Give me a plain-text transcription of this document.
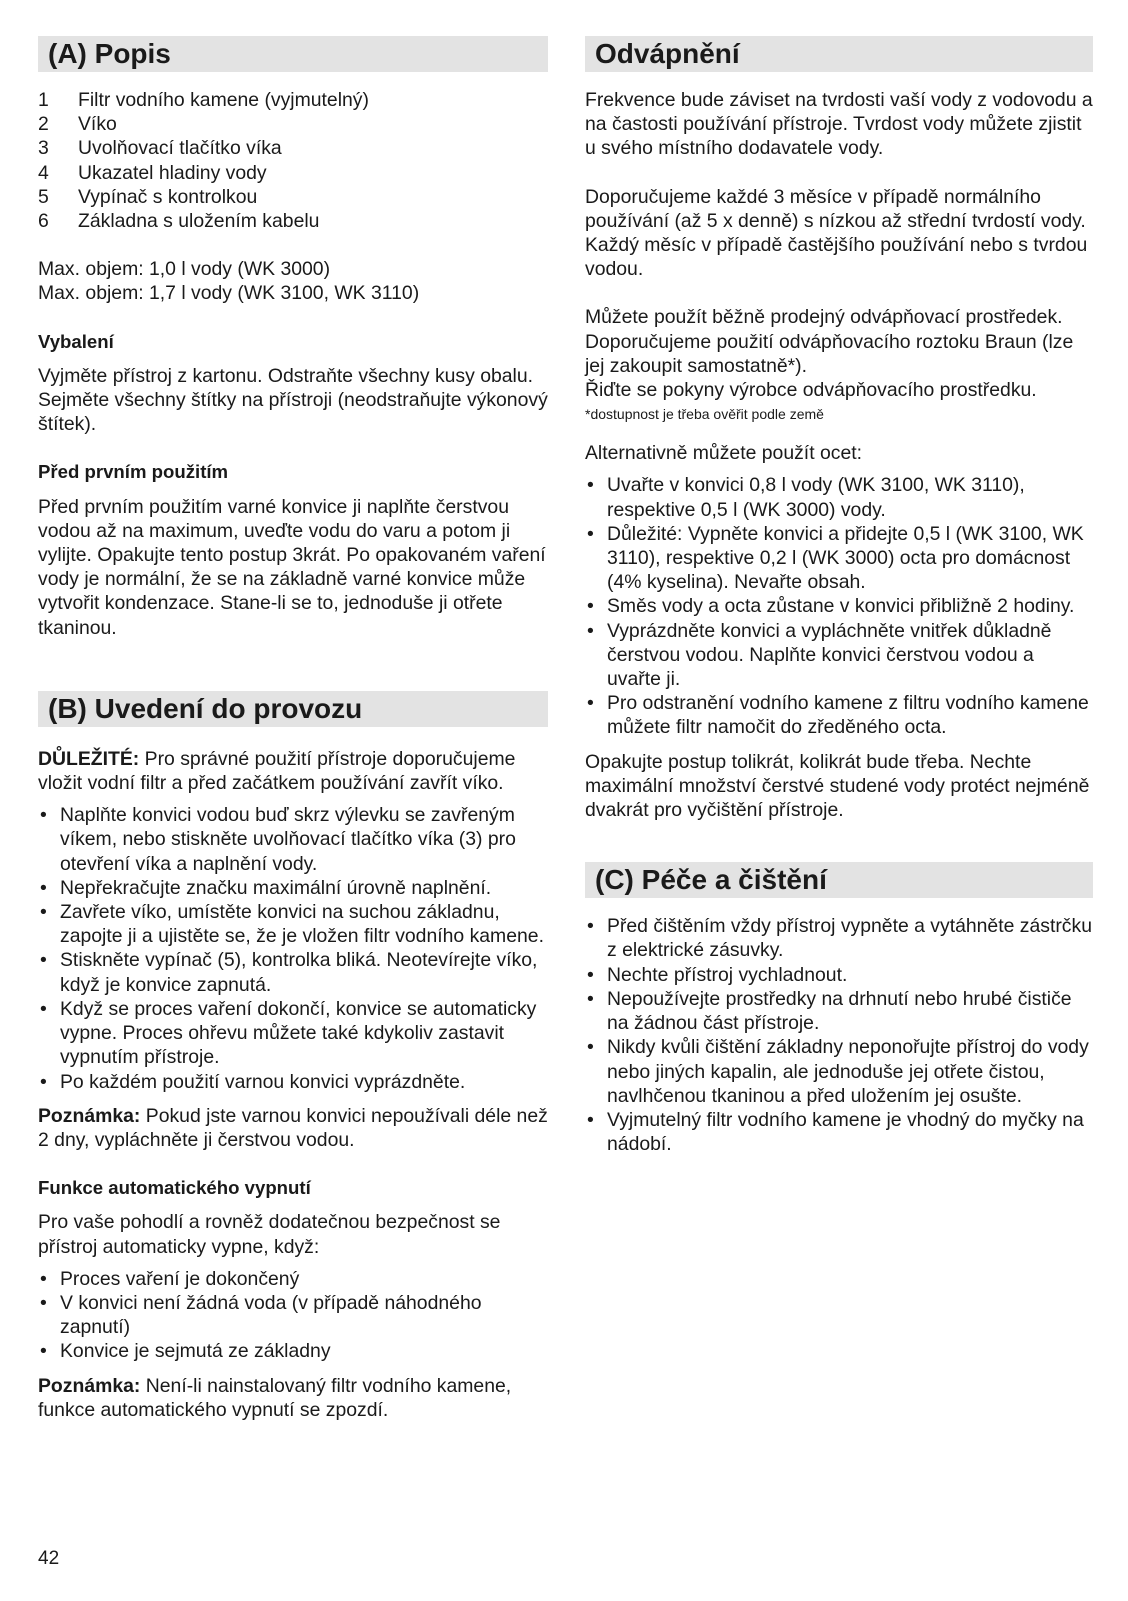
(A) Popis
1	Filtr vodního kamene (vyjmutelný)
2	Víko
3	Uvolňovací tlačítko víka
4	Ukazatel hladiny vody
5	Vypínač s kontrolkou
6	Základna s uložením kabelu

Max. objem: 1,0 l vody (WK 3000)

Max. objem: 1,7 l vody (WK 3100, WK 3110)

Vybalení

Vyjměte přístroj z kartonu. Odstraňte všechny kusy obalu. Sejměte všechny štítky na přístroji (neodstraňujte výkonový štítek).

Před prvním použitím

Před prvním použitím varné konvice ji naplňte čerstvou vodou až na maximum, uveďte vodu do varu a potom ji vylijte. Opakujte tento postup 3krát. Po opakovaném vaření vody je normální, že se na základně varné konvice může vytvořit kondenzace. Stane-li se to, jednoduše ji otřete tkaninou.

(B) Uvedení do provozu

DŮLEŽITÉ: Pro správné použití přístroje doporučujeme vložit vodní filtr a před začátkem používání zavřít víko.

• Naplňte konvici vodou buď skrz výlevku se zavřeným víkem, nebo stiskněte uvolňovací tlačítko víka (3) pro otevření víka a naplnění vody.
• Nepřekračujte značku maximální úrovně naplnění.
• Zavřete víko, umístěte konvici na suchou základnu, zapojte ji a ujistěte se, že je vložen filtr vodního kamene.
• Stiskněte vypínač (5), kontrolka bliká. Neotevírejte víko, když je konvice zapnutá.
• Když se proces vaření dokončí, konvice se automaticky vypne. Proces ohřevu můžete také kdykoliv zastavit vypnutím přístroje.
• Po každém použití varnou konvici vyprázdněte.

Poznámka: Pokud jste varnou konvici nepoužívali déle než 2 dny, vypláchněte ji čerstvou vodou.

Funkce automatického vypnutí

Pro vaše pohodlí a rovněž dodatečnou bezpečnost se přístroj automaticky vypne, když:

• Proces vaření je dokončený
• V konvici není žádná voda (v případě náhodného zapnutí)
• Konvice je sejmutá ze základny

Poznámka: Není-li nainstalovaný filtr vodního kamene, funkce automatického vypnutí se zpozdí.

Odvápnění

Frekvence bude záviset na tvrdosti vaší vody z vodovodu a na častosti používání přístroje. Tvrdost vody můžete zjistit u svého místního dodavatele vody.

Doporučujeme každé 3 měsíce v případě normálního používání (až 5 x denně) s nízkou až střední tvrdostí vody.

Každý měsíc v případě častějšího používání nebo s tvrdou vodou.

Můžete použít běžně prodejný odvápňovací prostředek.

Doporučujeme použití odvápňovacího roztoku Braun (lze jej zakoupit samostatně*).

Řiďte se pokyny výrobce odvápňovacího prostředku.

*dostupnost je třeba ověřit podle země

Alternativně můžete použít ocet:

• Uvařte v konvici 0,8 l vody (WK 3100, WK 3110), respektive 0,5 l (WK 3000) vody.
• Důležité: Vypněte konvici a přidejte 0,5 l (WK 3100, WK 3110), respektive 0,2 l (WK 3000) octa pro domácnost (4% kyselina). Nevařte obsah.
• Směs vody a octa zůstane v konvici přibližně 2 hodiny.
• Vyprázdněte konvici a vypláchněte vnitřek důkladně čerstvou vodou. Naplňte konvici čerstvou vodou a uvařte ji.
• Pro odstranění vodního kamene z filtru vodního kamene můžete filtr namočit do zředěného octa.

Opakujte postup tolikrát, kolikrát bude třeba. Nechte maximální množství čerstvé studené vody protéct nejméně dvakrát pro vyčištění přístroje.

(C) Péče a čištění
• Před čištěním vždy přístroj vypněte a vytáhněte zástrčku z elektrické zásuvky.
• Nechte přístroj vychladnout.
• Nepoužívejte prostředky na drhnutí nebo hrubé čističe na žádnou část přístroje.
• Nikdy kvůli čištění základny neponořujte přístroj do vody nebo jiných kapalin, ale jednoduše jej otřete čistou, navlhčenou tkaninou a před uložením jej osušte.
• Vyjmutelný filtr vodního kamene je vhodný do myčky na nádobí.
42
